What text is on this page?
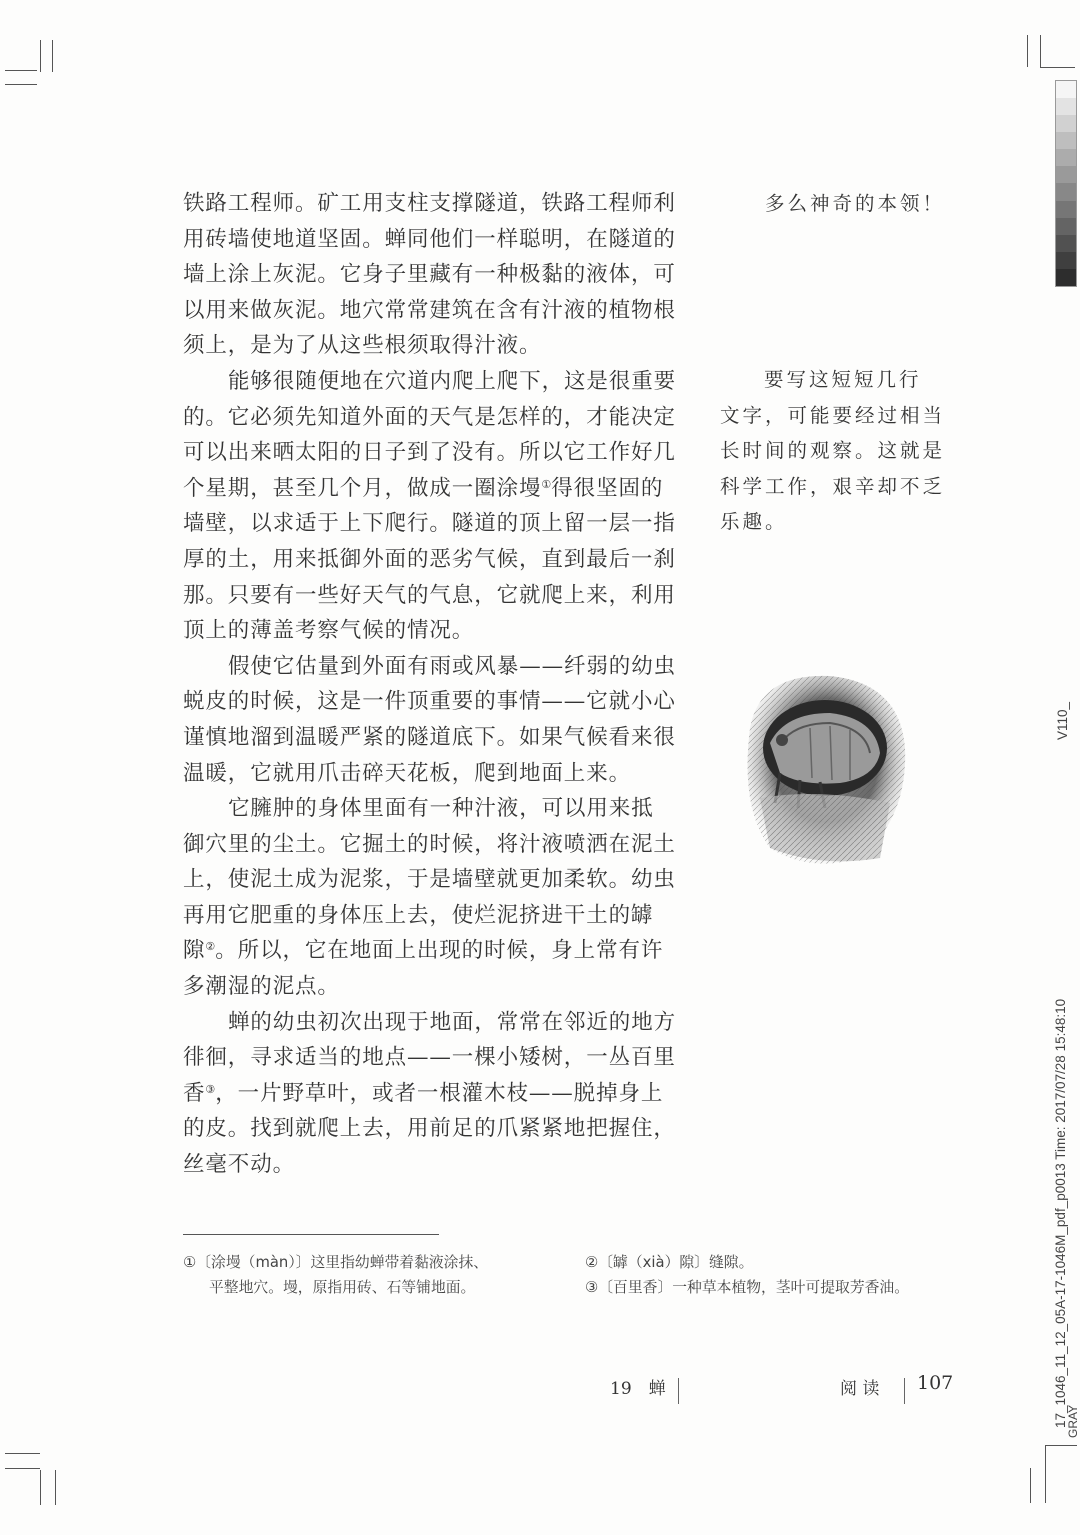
铁路工程师。矿工用支柱支撑隧道，铁路工程师利
用砖墙使地道坚固。蝉同他们一样聪明，在隧道的
墙上涂上灰泥。它身子里藏有一种极黏的液体，可
以用来做灰泥。地穴常常建筑在含有汁液的植物根
须上，是为了从这些根须取得汁液。
能够很随便地在穴道内爬上爬下，这是很重要
的。它必须先知道外面的天气是怎样的，才能决定
可以出来晒太阳的日子到了没有。所以它工作好几
个星期，甚至几个月，做成一圈涂墁①得很坚固的
墙壁，以求适于上下爬行。隧道的顶上留一层一指
厚的土，用来抵御外面的恶劣气候，直到最后一刹
那。只要有一些好天气的气息，它就爬上来，利用
顶上的薄盖考察气候的情况。
假使它估量到外面有雨或风暴——纤弱的幼虫
蜕皮的时候，这是一件顶重要的事情——它就小心
谨慎地溜到温暖严紧的隧道底下。如果气候看来很
温暖，它就用爪击碎天花板，爬到地面上来。
它臃肿的身体里面有一种汁液，可以用来抵
御穴里的尘土。它掘土的时候，将汁液喷洒在泥土
上，使泥土成为泥浆，于是墙壁就更加柔软。幼虫
再用它肥重的身体压上去，使烂泥挤进干土的罅
隙②。所以，它在地面上出现的时候，身上常有许
多潮湿的泥点。
蝉的幼虫初次出现于地面，常常在邻近的地方
徘徊，寻求适当的地点——一棵小矮树，一丛百里
香③，一片野草叶，或者一根灌木枝——脱掉身上
的皮。找到就爬上去，用前足的爪紧紧地把握住，
丝毫不动。
多么神奇的本领！
要写这短短几行
文字，可能要经过相当
长时间的观察。这就是
科学工作，艰辛却不乏
乐趣。
①〔涂墁（màn）〕这里指幼蝉带着黏液涂抹、
平整地穴。墁，原指用砖、石等铺地面。
②〔罅（xià）隙〕缝隙。
③〔百里香〕一种草本植物，茎叶可提取芳香油。
19　蝉	阅 读 107
V110_
17_1046_11_12_05A-17-1046M_pdf_p0013 Time: 2017/07/28 15:48:10
GRAY
